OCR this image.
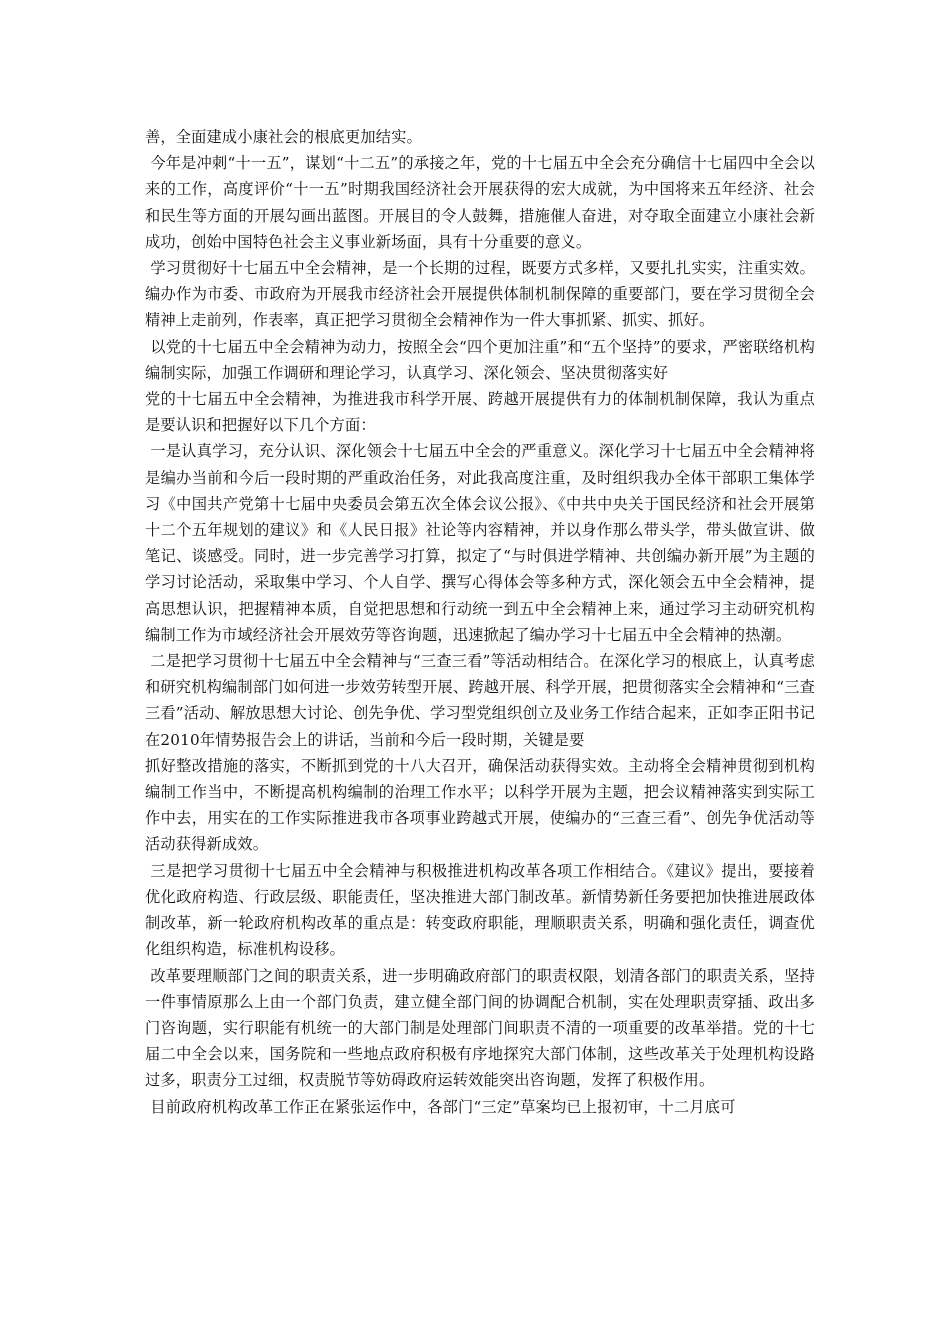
善，全面建成小康社会的根底更加结实。

今年是冲刺“十一五”，谋划“十二五”的承接之年，党的十七届五中全会充分确信十七届四中全会以来的工作，高度评价“十一五”时期我国经济社会开展获得的宏大成就，为中国将来五年经济、社会和民生等方面的开展勾画出蓝图。开展目的令人鼓舞，措施催人奋进，对夺取全面建立小康社会新成功，创始中国特色社会主义事业新场面，具有十分重要的意义。

学习贯彻好十七届五中全会精神，是一个长期的过程，既要方式多样，又要扎扎实实，注重实效。编办作为市委、市政府为开展我市经济社会开展提供体制机制保障的重要部门，要在学习贯彻全会精神上走前列，作表率，真正把学习贯彻全会精神作为一件大事抓紧、抓实、抓好。

以党的十七届五中全会精神为动力，按照全会“四个更加注重”和“五个坚持”的要求，严密联络机构编制实际，加强工作调研和理论学习，认真学习、深化领会、坚决贯彻落实好

党的十七届五中全会精神，为推进我市科学开展、跨越开展提供有力的体制机制保障，我认为重点是要认识和把握好以下几个方面：

一是认真学习，充分认识、深化领会十七届五中全会的严重意义。深化学习十七届五中全会精神将是编办当前和今后一段时期的严重政治任务，对此我高度注重，及时组织我办全体干部职工集体学习《中国共产党第十七届中央委员会第五次全体会议公报》、《中共中央关于国民经济和社会开展第十二个五年规划的建议》和《人民日报》社论等内容精神，并以身作那么带头学，带头做宣讲、做笔记、谈感受。同时，进一步完善学习打算，拟定了“与时俱进学精神、共创编办新开展”为主题的学习讨论活动，采取集中学习、个人自学、撰写心得体会等多种方式，深化领会五中全会精神，提高思想认识，把握精神本质，自觉把思想和行动统一到五中全会精神上来，通过学习主动研究机构编制工作为市域经济社会开展效劳等咨询题，迅速掀起了编办学习十七届五中全会精神的热潮。

二是把学习贯彻十七届五中全会精神与“三查三看”等活动相结合。在深化学习的根底上，认真考虑和研究机构编制部门如何进一步效劳转型开展、跨越开展、科学开展，把贯彻落实全会精神和“三查三看”活动、解放思想大讨论、创先争优、学习型党组织创立及业务工作结合起来，正如李正阳书记在2010年情势报告会上的讲话，当前和今后一段时期，关键是要

抓好整改措施的落实，不断抓到党的十八大召开，确保活动获得实效。主动将全会精神贯彻到机构编制工作当中，不断提高机构编制的治理工作水平；以科学开展为主题，把会议精神落实到实际工作中去，用实在的工作实际推进我市各项事业跨越式开展，使编办的“三查三看”、创先争优活动等活动获得新成效。

三是把学习贯彻十七届五中全会精神与积极推进机构改革各项工作相结合。《建议》提出，要接着优化政府构造、行政层级、职能责任，坚决推进大部门制改革。新情势新任务要把加快推进展政体制改革，新一轮政府机构改革的重点是：转变政府职能，理顺职责关系，明确和强化责任，调查优化组织构造，标准机构设移。

改革要理顺部门之间的职责关系，进一步明确政府部门的职责权限，划清各部门的职责关系，坚持一件事情原那么上由一个部门负责，建立健全部门间的协调配合机制，实在处理职责穿插、政出多门咨询题，实行职能有机统一的大部门制是处理部门间职责不清的一项重要的改革举措。党的十七届二中全会以来，国务院和一些地点政府积极有序地探究大部门体制，这些改革关于处理机构设路过多，职责分工过细，权责脱节等妨碍政府运转效能突出咨询题，发挥了积极作用。

目前政府机构改革工作正在紧张运作中，各部门“三定”草案均已上报初审，十二月底可
